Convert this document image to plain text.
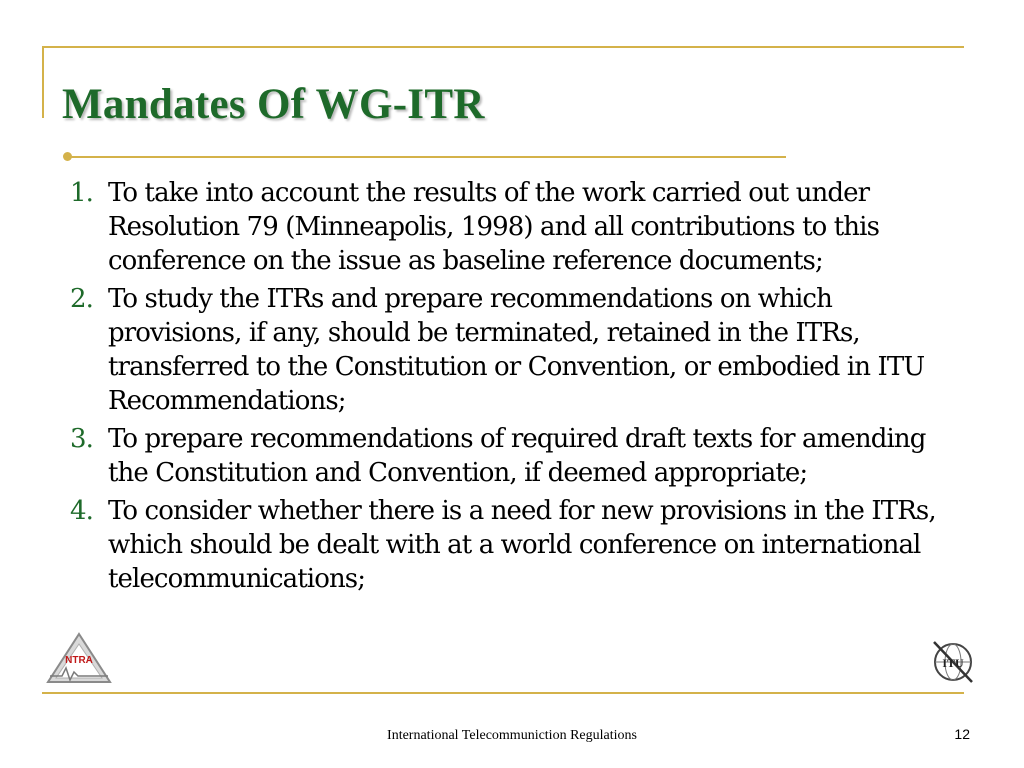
Mandates Of WG-ITR
1. To take into account the results of the work carried out under Resolution 79 (Minneapolis, 1998) and all contributions to this conference on the issue as baseline reference documents;
2. To study the ITRs and prepare recommendations on which provisions, if any, should be terminated, retained in the ITRs, transferred to the Constitution or Convention, or embodied in ITU Recommendations;
3. To prepare recommendations of required draft texts for amending the Constitution and Convention, if deemed appropriate;
4. To consider whether there is a need for new provisions in the ITRs, which should be dealt with at a world conference on international telecommunications;
NTRA	ITU
International Telecommuniction Regulations	12
